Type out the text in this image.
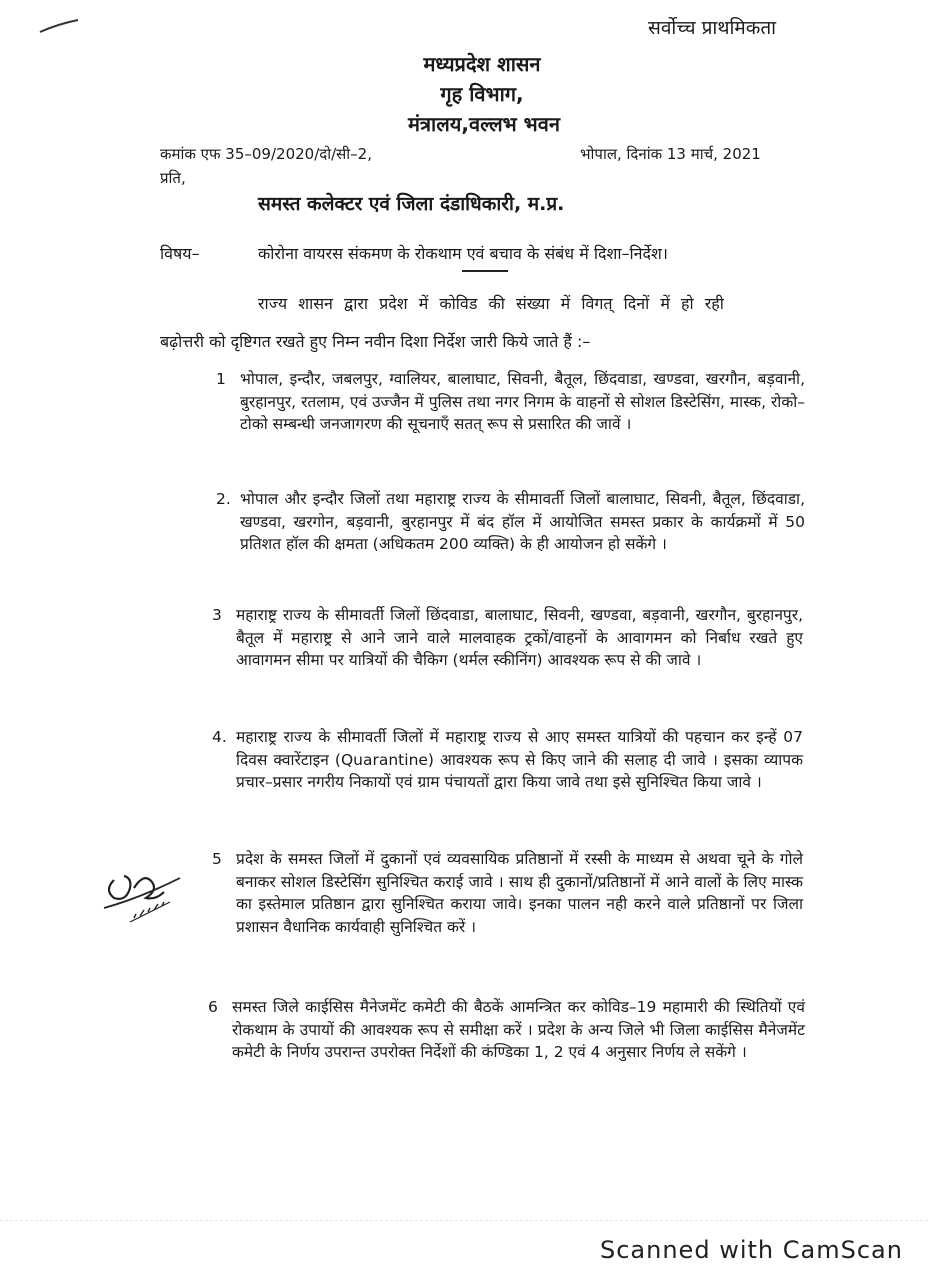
सर्वोच्च प्राथमिकता
मध्यप्रदेश शासन
गृह विभाग,
मंत्रालय,वल्लभ भवन
कमांक एफ 35–09/2020/दो/सी–2,	भोपाल, दिनांक 13 मार्च, 2021
प्रति,
समस्त कलेक्टर एवं जिला दंडाधिकारी, म.प्र.
विषय–	कोरोना वायरस संकमण के रोकथाम एवं बचाव के संबंध में दिशा–निर्देश।
राज्य शासन द्वारा प्रदेश में कोविड की संख्या में विगत् दिनों में हो रही
बढ़ोत्तरी को दृष्टिगत रखते हुए निम्न नवीन दिशा निर्देश जारी किये जाते हैं :–
1 भोपाल, इन्दौर, जबलपुर, ग्वालियर, बालाघाट, सिवनी, बैतूल, छिंदवाडा, खण्डवा, खरगौन, बड़वानी, बुरहानपुर, रतलाम, एवं उज्जैन में पुलिस तथा नगर निगम के वाहनों से सोशल डिस्टेसिंग, मास्क, रोको–टोको सम्बन्धी जनजागरण की सूचनाऍं सतत् रूप से प्रसारित की जावें ।
2. भोपाल और इन्दौर जिलों तथा महाराष्ट्र राज्य के सीमावर्ती जिलों बालाघाट, सिवनी, बैतूल, छिंदवाडा, खण्डवा, खरगोन, बड़वानी, बुरहानपुर में बंद हॉल में आयोजित समस्त प्रकार के कार्यक्रमों में 50 प्रतिशत हॉल की क्षमता (अधिकतम 200 व्यक्ति) के ही आयोजन हो सकेंगे ।
3 महाराष्ट्र राज्य के सीमावर्ती जिलों छिंदवाडा, बालाघाट, सिवनी, खण्डवा, बड़वानी, खरगौन, बुरहानपुर, बैतूल में महाराष्ट्र से आने जाने वाले मालवाहक ट्रकों/वाहनों के आवागमन को निर्बाध रखते हुए आवागमन सीमा पर यात्रियों की चैकिग (थर्मल स्कीनिंग) आवश्यक रूप से की जावे ।
4. महाराष्ट्र राज्य के सीमावर्ती जिलों में महाराष्ट्र राज्य से आए समस्त यात्रियों की पहचान कर इन्हें 07 दिवस क्वारेंटाइन (Quarantine) आवश्यक रूप से किए जाने की सलाह दी जावे । इसका व्यापक प्रचार–प्रसार नगरीय निकायों एवं ग्राम पंचायतों द्वारा किया जावे तथा इसे सुनिश्चित किया जावे ।
5 प्रदेश के समस्त जिलों में दुकानों एवं व्यवसायिक प्रतिष्ठानों में रस्सी के माध्यम से अथवा चूने के गोले बनाकर सोशल डिस्टेसिंग सुनिश्चित कराई जावे । साथ ही दुकानों/प्रतिष्ठानों में आने वालों के लिए मास्क का इस्तेमाल प्रतिष्ठान द्वारा सुनिश्चित कराया जावे। इनका पालन नही करने वाले प्रतिष्ठानों पर जिला प्रशासन वैधानिक कार्यवाही सुनिश्चित करें ।
6 समस्त जिले काईसिस मैनेजमेंट कमेटी की बैठकें आमन्त्रित कर कोविड–19 महामारी की स्थितियों एवं रोकथाम के उपायों की आवश्यक रूप से समीक्षा करें । प्रदेश के अन्य जिले भी जिला काईसिस मैनेजमेंट कमेटी के निर्णय उपरान्त उपरोक्त निर्देशों की कंण्डिका 1, 2 एवं 4 अनुसार निर्णय ले सकेंगे ।
Scanned with CamScan
